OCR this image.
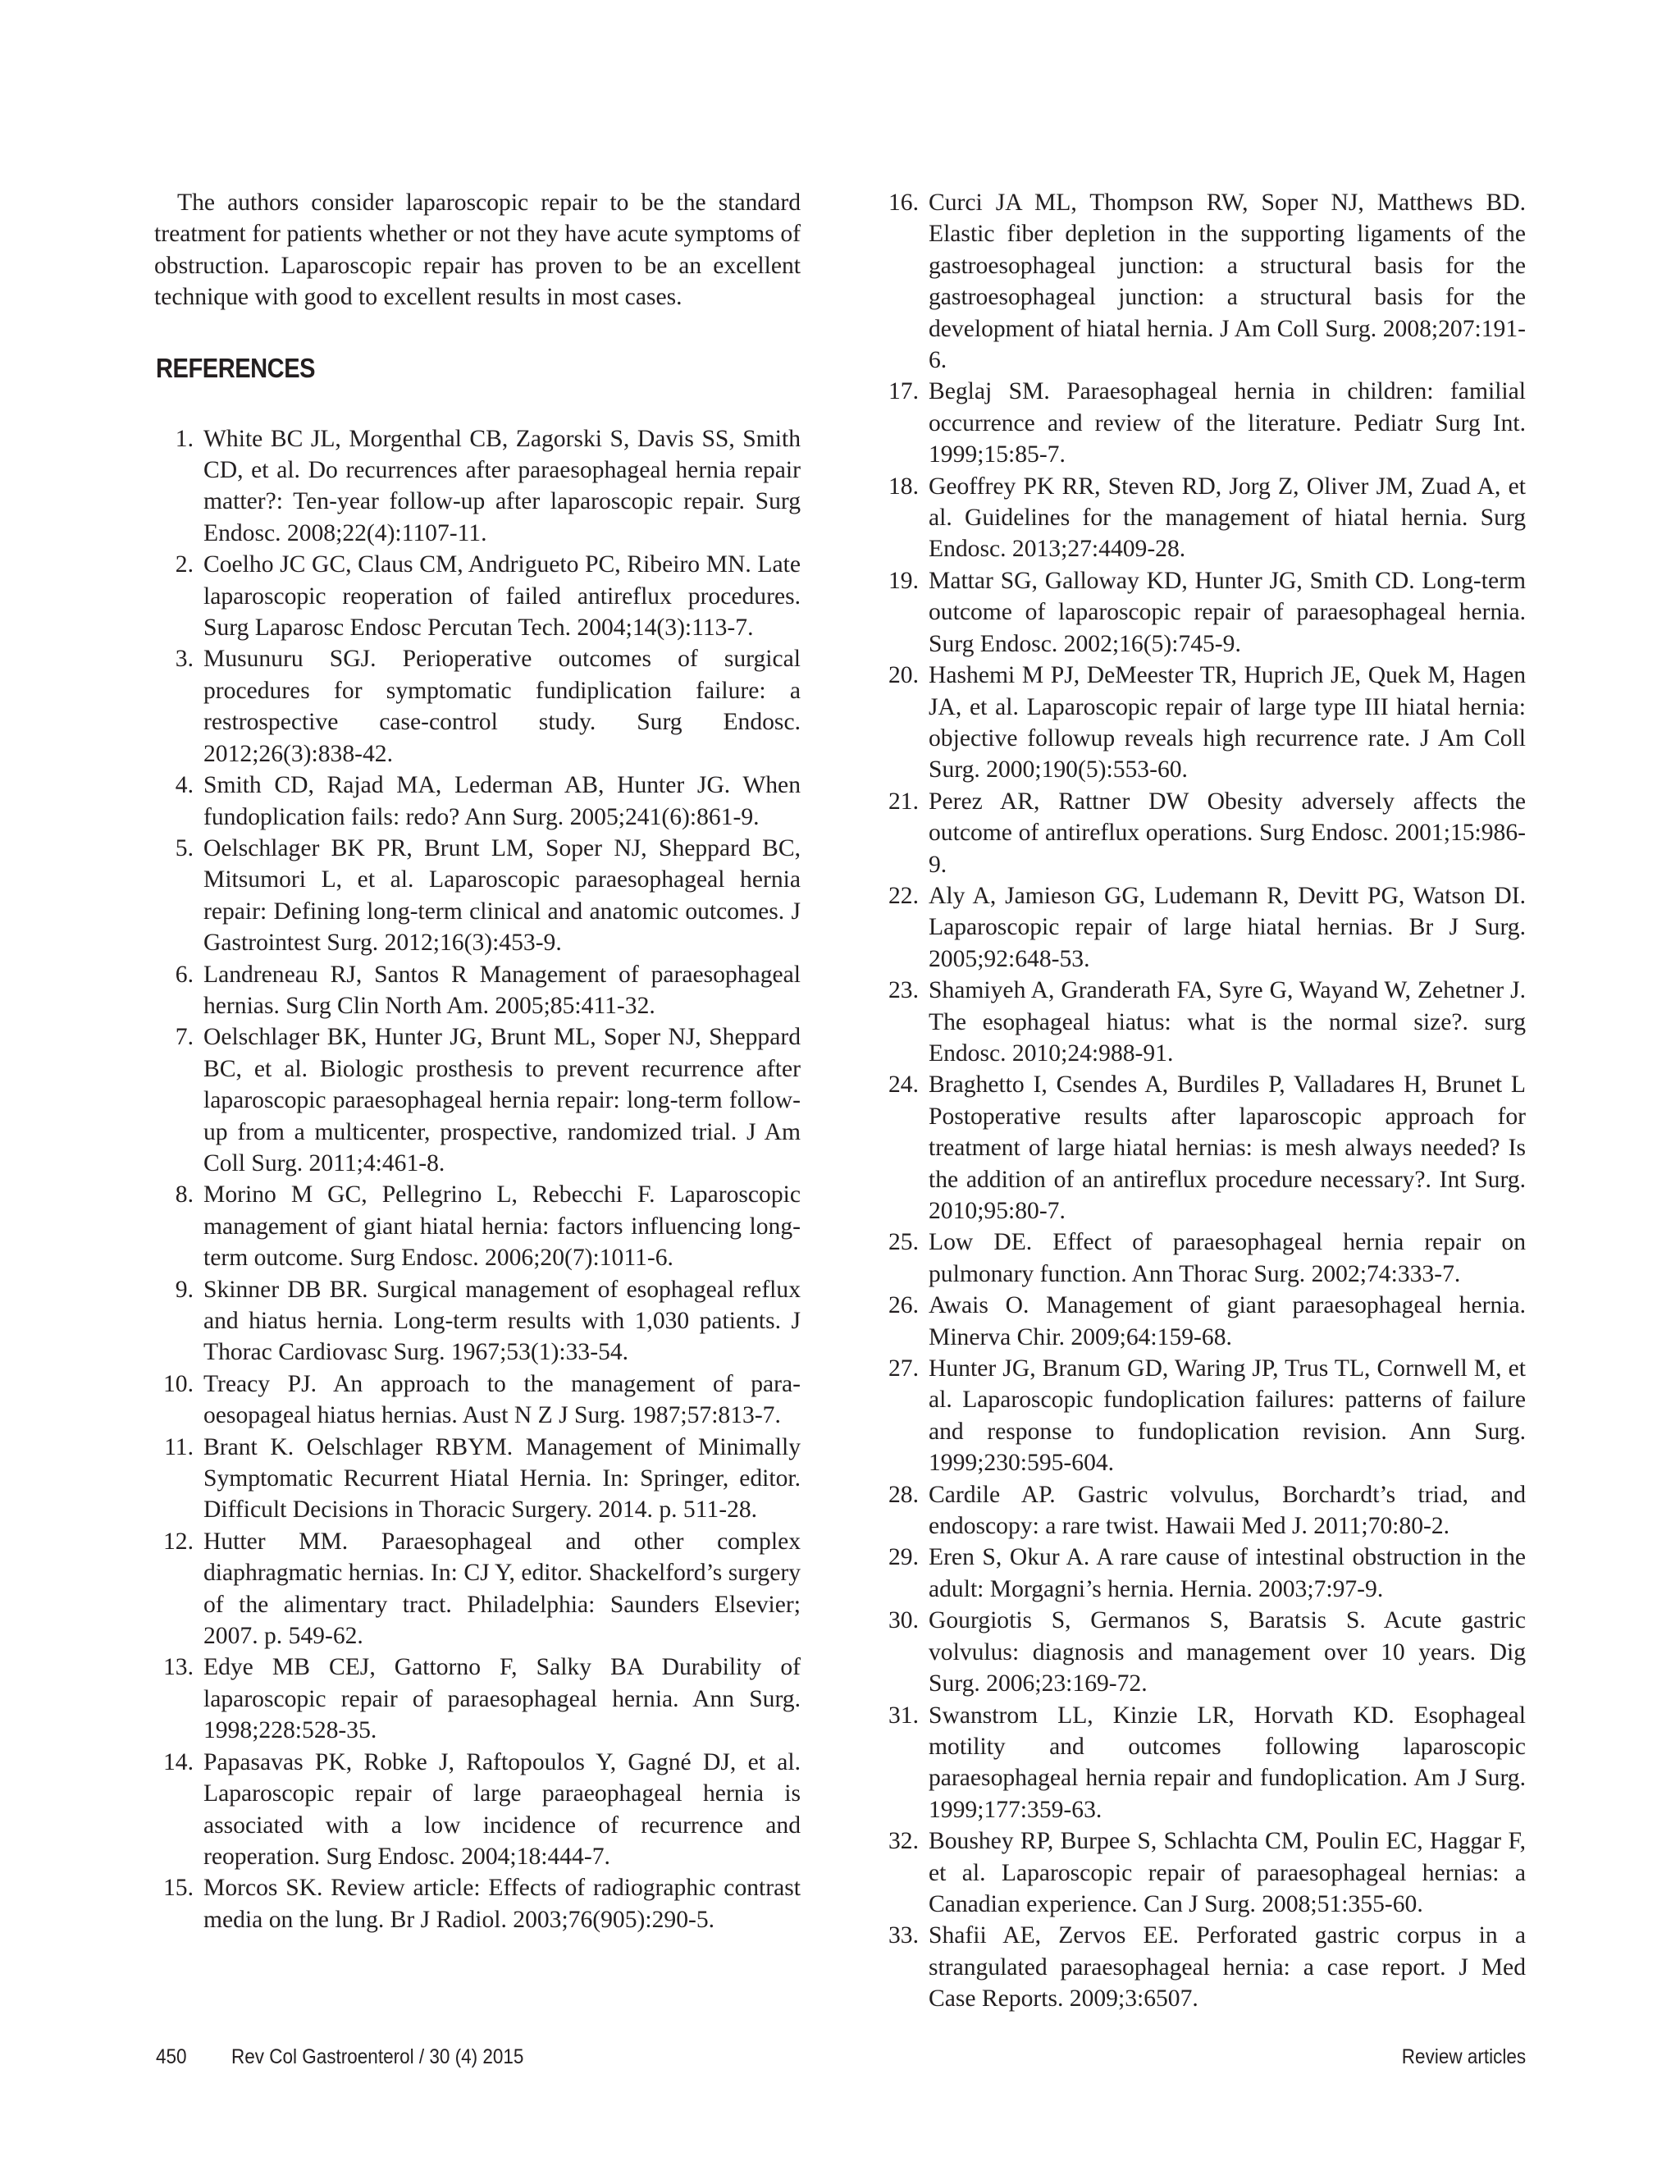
The authors consider laparoscopic repair to be the standard treatment for patients whether or not they have acute symptoms of obstruction. Laparoscopic repair has proven to be an excellent technique with good to excellent results in most cases.

REFERENCES
1. White BC JL, Morgenthal CB, Zagorski S, Davis SS, Smith CD, et al. Do recurrences after paraesophageal hernia repair matter?: Ten-year follow-up after laparoscopic repair. Surg Endosc. 2008;22(4):1107-11.
2. Coelho JC GC, Claus CM, Andrigueto PC, Ribeiro MN. Late laparoscopic reoperation of failed antireflux procedures. Surg Laparosc Endosc Percutan Tech. 2004;14(3):113-7.
3. Musunuru SGJ. Perioperative outcomes of surgical procedures for symptomatic fundiplication failure: a restrospective case-control study. Surg Endosc. 2012;26(3):838-42.
4. Smith CD, Rajad MA, Lederman AB, Hunter JG. When fundoplication fails: redo? Ann Surg. 2005;241(6):861-9.
5. Oelschlager BK PR, Brunt LM, Soper NJ, Sheppard BC, Mitsumori L, et al. Laparoscopic paraesophageal hernia repair: Defining long-term clinical and anatomic outcomes. J Gastrointest Surg. 2012;16(3):453-9.
6. Landreneau RJ, Santos R Management of paraesophageal hernias. Surg Clin North Am. 2005;85:411-32.
7. Oelschlager BK, Hunter JG, Brunt ML, Soper NJ, Sheppard BC, et al. Biologic prosthesis to prevent recurrence after laparoscopic paraesophageal hernia repair: long-term follow-up from a multicenter, prospective, randomized trial. J Am Coll Surg. 2011;4:461-8.
8. Morino M GC, Pellegrino L, Rebecchi F. Laparoscopic management of giant hiatal hernia: factors influencing long-term outcome. Surg Endosc. 2006;20(7):1011-6.
9. Skinner DB BR. Surgical management of esophageal reflux and hiatus hernia. Long-term results with 1,030 patients. J Thorac Cardiovasc Surg. 1967;53(1):33-54.
10. Treacy PJ. An approach to the management of para-oesopageal hiatus hernias. Aust N Z J Surg. 1987;57:813-7.
11. Brant K. Oelschlager RBYM. Management of Minimally Symptomatic Recurrent Hiatal Hernia. In: Springer, editor. Difficult Decisions in Thoracic Surgery. 2014. p. 511-28.
12. Hutter MM. Paraesophageal and other complex diaphragmatic hernias. In: CJ Y, editor. Shackelford’s surgery of the alimentary tract. Philadelphia: Saunders Elsevier; 2007. p. 549-62.
13. Edye MB CEJ, Gattorno F, Salky BA Durability of laparoscopic repair of paraesophageal hernia. Ann Surg. 1998;228:528-35.
14. Papasavas PK, Robke J, Raftopoulos Y, Gagné DJ, et al. Laparoscopic repair of large paraeophageal hernia is associated with a low incidence of recurrence and reoperation. Surg Endosc. 2004;18:444-7.
15. Morcos SK. Review article: Effects of radiographic contrast media on the lung. Br J Radiol. 2003;76(905):290-5.
16. Curci JA ML, Thompson RW, Soper NJ, Matthews BD. Elastic fiber depletion in the supporting ligaments of the gastroesophageal junction: a structural basis for the gastroesophageal junction: a structural basis for the development of hiatal hernia. J Am Coll Surg. 2008;207:191-6.
17. Beglaj SM. Paraesophageal hernia in children: familial occurrence and review of the literature. Pediatr Surg Int. 1999;15:85-7.
18. Geoffrey PK RR, Steven RD, Jorg Z, Oliver JM, Zuad A, et al. Guidelines for the management of hiatal hernia. Surg Endosc. 2013;27:4409-28.
19. Mattar SG, Galloway KD, Hunter JG, Smith CD. Long-term outcome of laparoscopic repair of paraesophageal hernia. Surg Endosc. 2002;16(5):745-9.
20. Hashemi M PJ, DeMeester TR, Huprich JE, Quek M, Hagen JA, et al. Laparoscopic repair of large type III hiatal hernia: objective followup reveals high recurrence rate. J Am Coll Surg. 2000;190(5):553-60.
21. Perez AR, Rattner DW Obesity adversely affects the outcome of antireflux operations. Surg Endosc. 2001;15:986-9.
22. Aly A, Jamieson GG, Ludemann R, Devitt PG, Watson DI. Laparoscopic repair of large hiatal hernias. Br J Surg. 2005;92:648-53.
23. Shamiyeh A, Granderath FA, Syre G, Wayand W, Zehetner J. The esophageal hiatus: what is the normal size?. surg Endosc. 2010;24:988-91.
24. Braghetto I, Csendes A, Burdiles P, Valladares H, Brunet L Postoperative results after laparoscopic approach for treatment of large hiatal hernias: is mesh always needed? Is the addition of an antireflux procedure necessary?. Int Surg. 2010;95:80-7.
25. Low DE. Effect of paraesophageal hernia repair on pulmonary function. Ann Thorac Surg. 2002;74:333-7.
26. Awais O. Management of giant paraesophageal hernia. Minerva Chir. 2009;64:159-68.
27. Hunter JG, Branum GD, Waring JP, Trus TL, Cornwell M, et al. Laparoscopic fundoplication failures: patterns of failure and response to fundoplication revision. Ann Surg. 1999;230:595-604.
28. Cardile AP. Gastric volvulus, Borchardt’s triad, and endoscopy: a rare twist. Hawaii Med J. 2011;70:80-2.
29. Eren S, Okur A. A rare cause of intestinal obstruction in the adult: Morgagni’s hernia. Hernia. 2003;7:97-9.
30. Gourgiotis S, Germanos S, Baratsis S. Acute gastric volvulus: diagnosis and management over 10 years. Dig Surg. 2006;23:169-72.
31. Swanstrom LL, Kinzie LR, Horvath KD. Esophageal motility and outcomes following laparoscopic paraesophageal hernia repair and fundoplication. Am J Surg. 1999;177:359-63.
32. Boushey RP, Burpee S, Schlachta CM, Poulin EC, Haggar F, et al. Laparoscopic repair of paraesophageal hernias: a Canadian experience. Can J Surg. 2008;51:355-60.
33. Shafii AE, Zervos EE. Perforated gastric corpus in a strangulated paraesophageal hernia: a case report. J Med Case Reports. 2009;3:6507.
450 Rev Col Gastroenterol / 30 (4) 2015	Review articles
